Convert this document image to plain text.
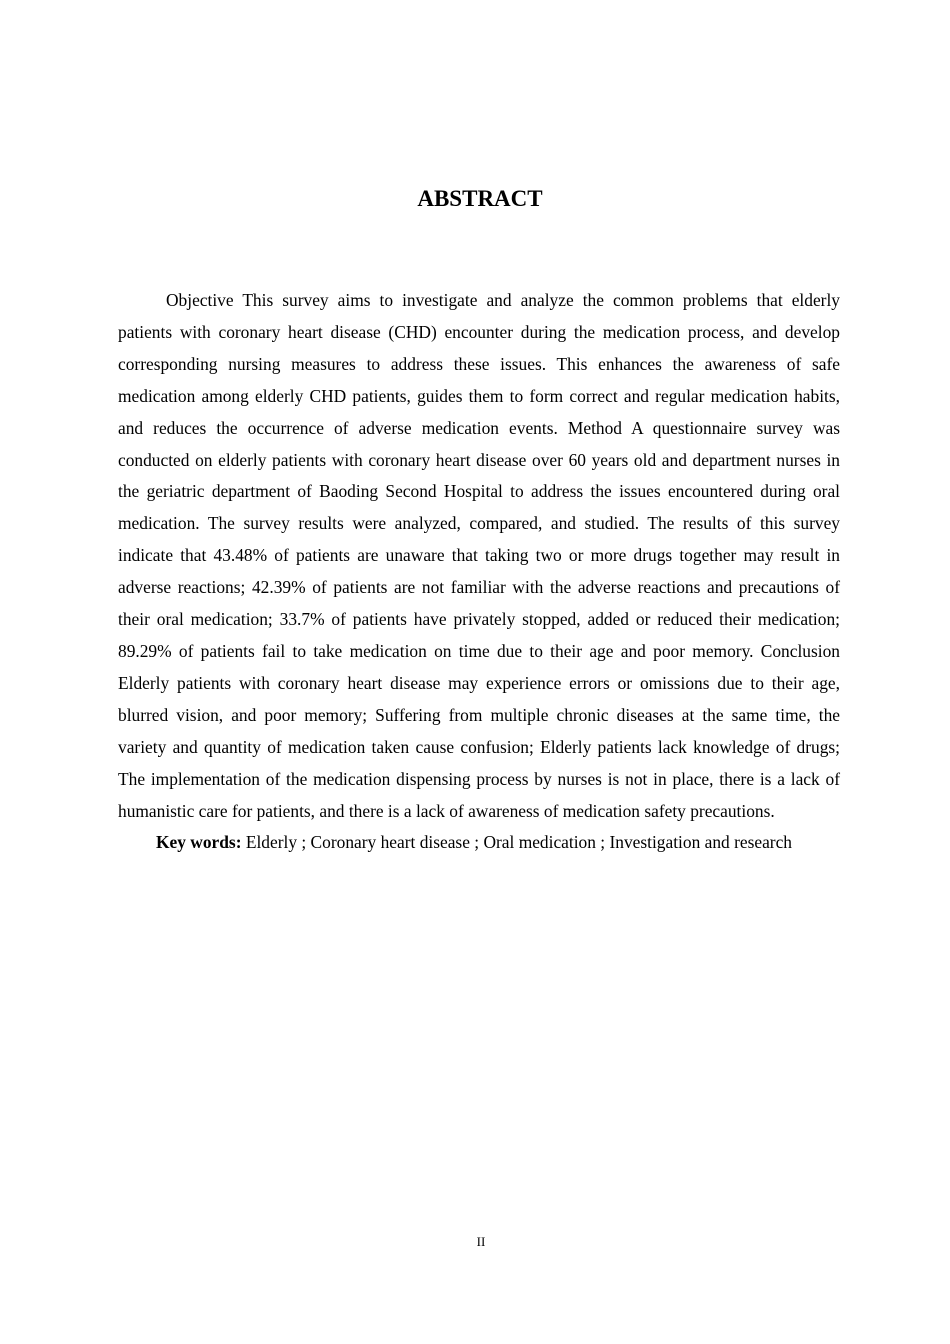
ABSTRACT

Objective This survey aims to investigate and analyze the common problems that elderly patients with coronary heart disease (CHD) encounter during the medication process, and develop corresponding nursing measures to address these issues. This enhances the awareness of safe medication among elderly CHD patients, guides them to form correct and regular medication habits, and reduces the occurrence of adverse medication events. Method A questionnaire survey was conducted on elderly patients with coronary heart disease over 60 years old and department nurses in the geriatric department of Baoding Second Hospital to address the issues encountered during oral medication. The survey results were analyzed, compared, and studied. The results of this survey indicate that 43.48% of patients are unaware that taking two or more drugs together may result in adverse reactions; 42.39% of patients are not familiar with the adverse reactions and precautions of their oral medication; 33.7% of patients have privately stopped, added or reduced their medication; 89.29% of patients fail to take medication on time due to their age and poor memory. Conclusion Elderly patients with coronary heart disease may experience errors or omissions due to their age, blurred vision, and poor memory; Suffering from multiple chronic diseases at the same time, the variety and quantity of medication taken cause confusion; Elderly patients lack knowledge of drugs; The implementation of the medication dispensing process by nurses is not in place, there is a lack of humanistic care for patients, and there is a lack of awareness of medication safety precautions.

Key words: Elderly ; Coronary heart disease ; Oral medication ; Investigation and research

II
